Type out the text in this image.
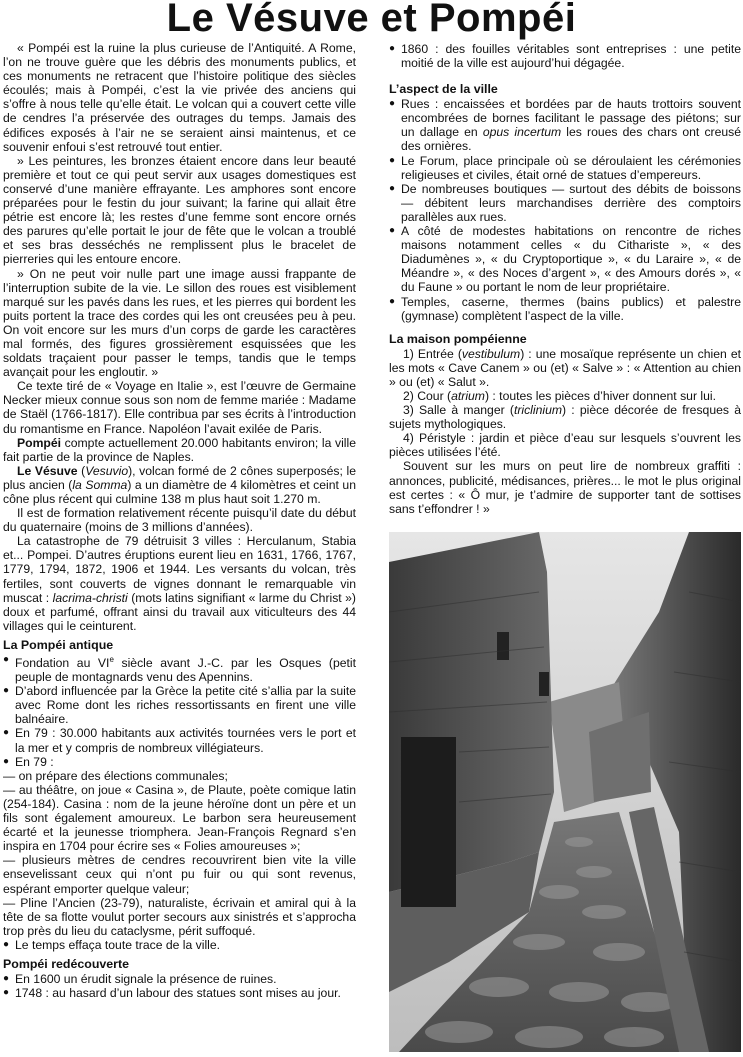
Le Vésuve et Pompéi

« Pompéi est la ruine la plus curieuse de l’Antiquité. A Rome, l’on ne trouve guère que les débris des monuments publics, et ces monuments ne retracent que l’histoire politique des siècles écoulés; mais à Pompéi, c’est la vie privée des anciens qui s’offre à nous telle qu’elle était. Le volcan qui a couvert cette ville de cendres l’a préservée des outrages du temps. Jamais des édifices exposés à l’air ne se seraient ainsi maintenus, et ce souvenir enfoui s’est retrouvé tout entier.

» Les peintures, les bronzes étaient encore dans leur beauté première et tout ce qui peut servir aux usages domestiques est conservé d’une manière effrayante. Les amphores sont encore préparées pour le festin du jour suivant; la farine qui allait être pétrie est encore là; les restes d’une femme sont encore ornés des parures qu’elle portait le jour de fête que le volcan a troublé et ses bras desséchés ne remplissent plus le bracelet de pierreries qui les entoure encore.

» On ne peut voir nulle part une image aussi frappante de l’interruption subite de la vie. Le sillon des roues est visiblement marqué sur les pavés dans les rues, et les pierres qui bordent les puits portent la trace des cordes qui les ont creusées peu à peu. On voit encore sur les murs d’un corps de garde les caractères mal formés, des figures grossièrement esquissées que les soldats traçaient pour passer le temps, tandis que le temps avançait pour les engloutir. »

Ce texte tiré de « Voyage en Italie », est l’œuvre de Germaine Necker mieux connue sous son nom de femme mariée : Madame de Staël (1766-1817). Elle contribua par ses écrits à l’introduction du romantisme en France. Napoléon l’avait exilée de Paris.

Pompéi compte actuellement 20.000 habitants environ; la ville fait partie de la province de Naples.

Le Vésuve (Vesuvio), volcan formé de 2 cônes superposés; le plus ancien (la Somma) a un diamètre de 4 kilomètres et ceint un cône plus récent qui culmine 138 m plus haut soit 1.270 m.

Il est de formation relativement récente puisqu’il date du début du quaternaire (moins de 3 millions d’années).

La catastrophe de 79 détruisit 3 villes : Herculanum, Stabia et... Pompei. D’autres éruptions eurent lieu en 1631, 1766, 1767, 1779, 1794, 1872, 1906 et 1944. Les versants du volcan, très fertiles, sont couverts de vignes donnant le remarquable vin muscat : lacrima-christi (mots latins signifiant « larme du Christ ») doux et parfumé, offrant ainsi du travail aux viticulteurs des 44 villages qui le ceinturent.

La Pompéi antique
● Fondation au VIe siècle avant J.-C. par les Osques (petit peuple de montagnards venu des Apennins.
● D’abord influencée par la Grèce la petite cité s’allia par la suite avec Rome dont les riches ressortissants en firent une ville balnéaire.
● En 79 : 30.000 habitants aux activités tournées vers le port et la mer et y compris de nombreux villégiateurs.
● En 79 :

— on prépare des élections communales;

— au théâtre, on joue « Casina », de Plaute, poète comique latin (254-184). Casina : nom de la jeune héroïne dont un père et un fils sont également amoureux. Le barbon sera heureusement écarté et la jeunesse triomphera. Jean-François Regnard s’en inspira en 1704 pour écrire ses « Folies amoureuses »;

— plusieurs mètres de cendres recouvrirent bien vite la ville ensevelissant ceux qui n’ont pu fuir ou qui sont revenus, espérant emporter quelque valeur;

— Pline l’Ancien (23-79), naturaliste, écrivain et amiral qui à la tête de sa flotte voulut porter secours aux sinistrés et s’approcha trop près du lieu du cataclysme, périt suffoqué.

● Le temps effaça toute trace de la ville.
Pompéi redécouverte
● En 1600 un érudit signale la présence de ruines.
● 1748 : au hasard d’un labour des statues sont mises au jour.
● 1860 : des fouilles véritables sont entreprises : une petite moitié de la ville est aujourd’hui dégagée.
L’aspect de la ville
● Rues : encaissées et bordées par de hauts trottoirs souvent encombrées de bornes facilitant le passage des piétons; sur un dallage en opus incertum les roues des chars ont creusé des ornières.
● Le Forum, place principale où se déroulaient les cérémonies religieuses et civiles, était orné de statues d’empereurs.
● De nombreuses boutiques — surtout des débits de boissons — débitent leurs marchandises derrière des comptoirs parallèles aux rues.
● A côté de modestes habitations on rencontre de riches maisons notamment celles « du Cithariste », « des Diadumènes », « du Cryptoportique », « du Laraire », « de Méandre », « des Noces d’argent », « des Amours dorés », « du Faune » ou portant le nom de leur propriétaire.
● Temples, caserne, thermes (bains publics) et palestre (gymnase) complètent l’aspect de la ville.
La maison pompéienne

1) Entrée (vestibulum) : une mosaïque représente un chien et les mots « Cave Canem » ou (et) « Salve » : « Attention au chien » ou (et) « Salut ».

2) Cour (atrium) : toutes les pièces d’hiver donnent sur lui.

3) Salle à manger (triclinium) : pièce décorée de fresques à sujets mythologiques.

4) Péristyle : jardin et pièce d’eau sur lesquels s’ouvrent les pièces utilisées l’été.

Souvent sur les murs on peut lire de nombreux graffiti : annonces, publicité, médisances, prières... le mot le plus original est certes : « Ô mur, je t’admire de supporter tant de sottises sans t’effondrer ! »
